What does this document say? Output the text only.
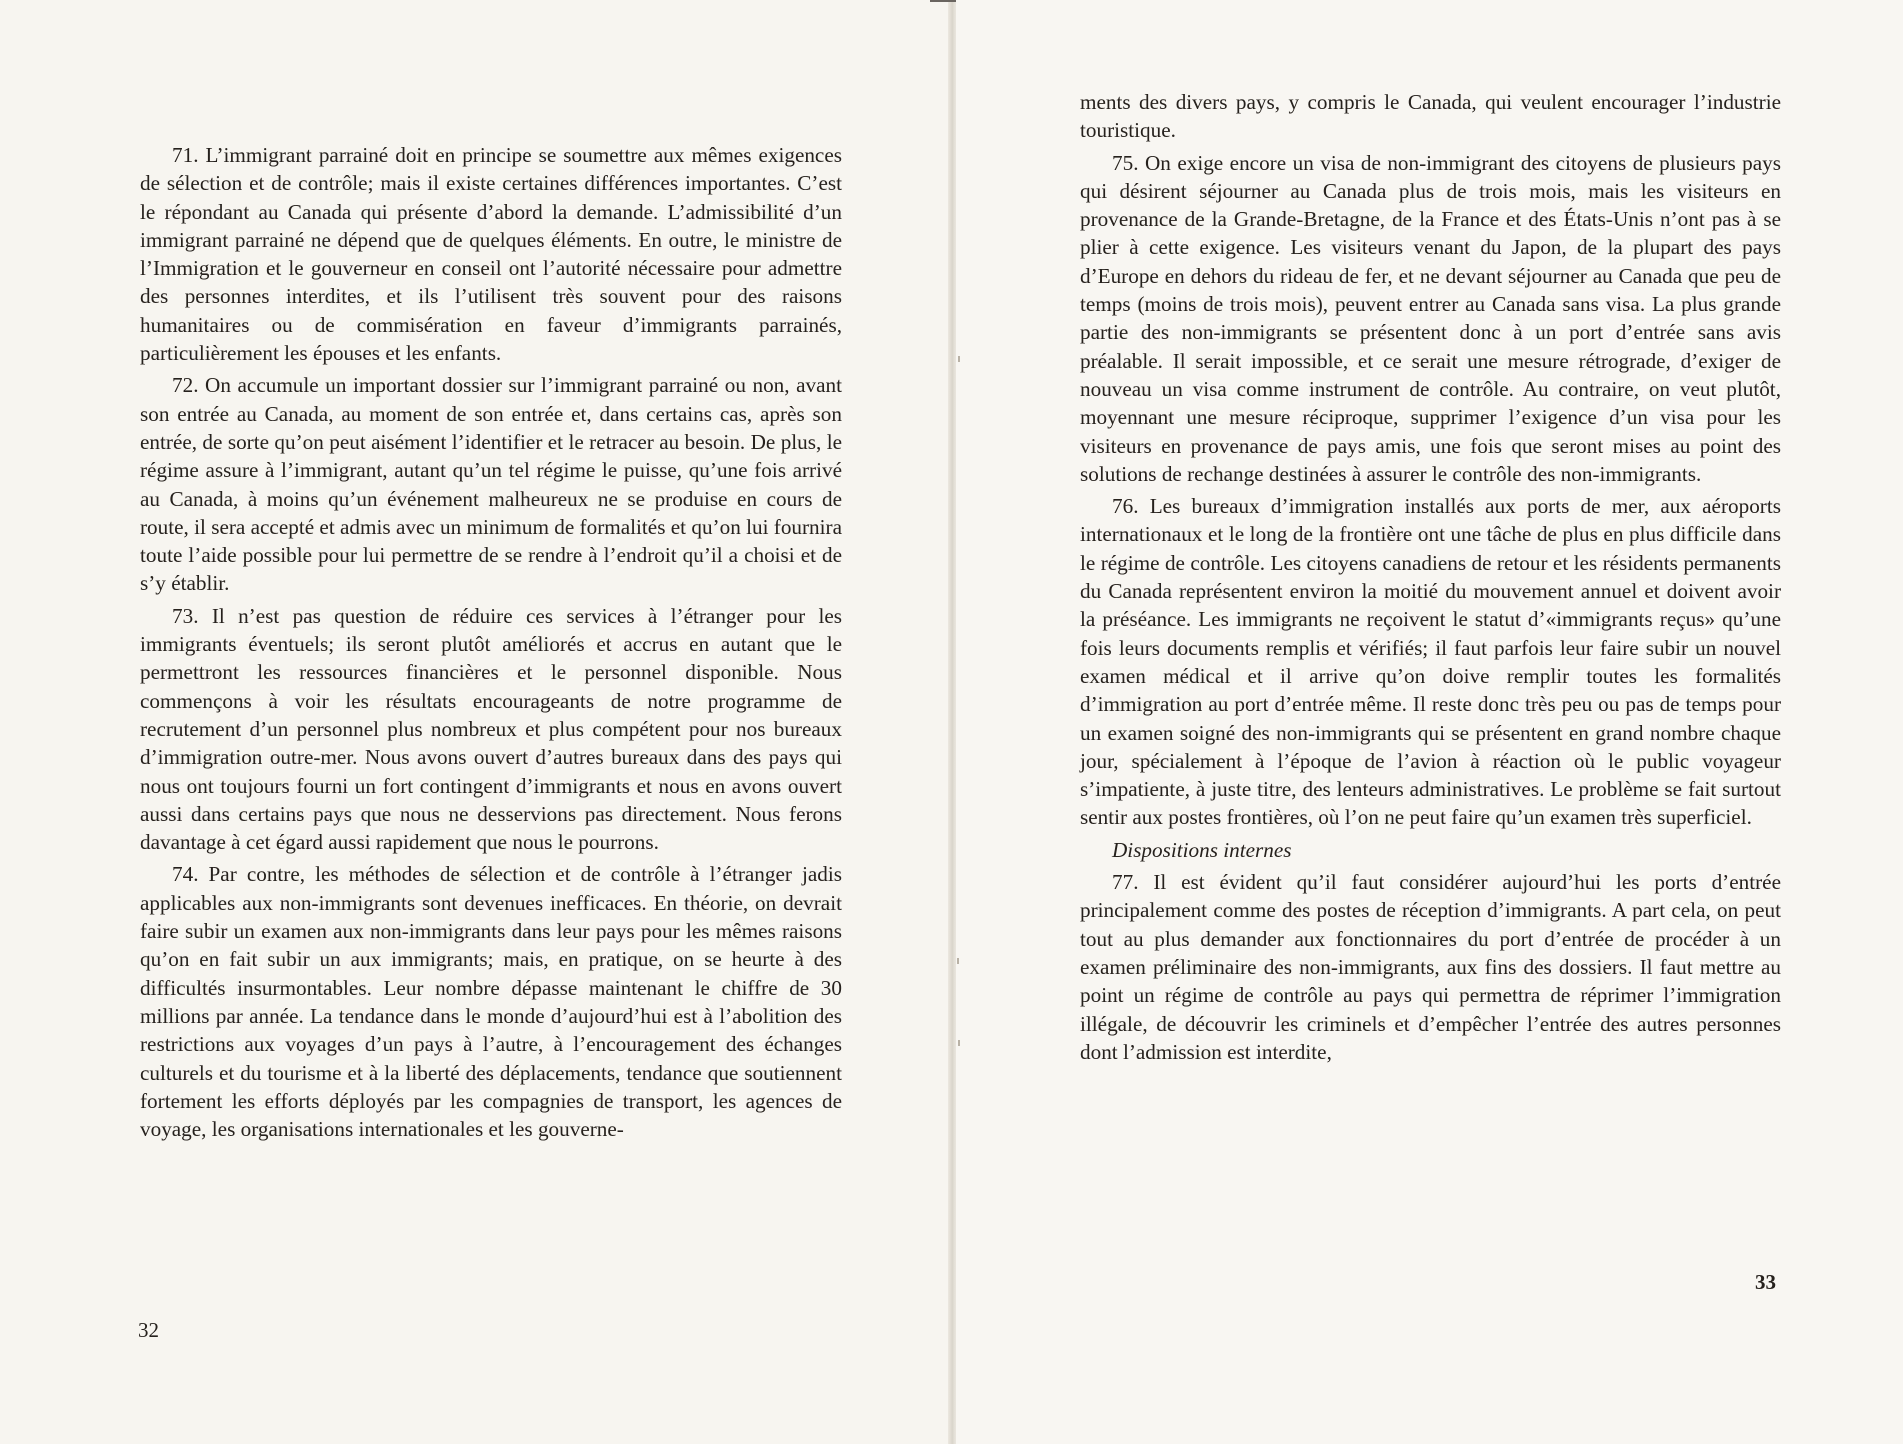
71. L’immigrant parrainé doit en principe se soumettre aux mêmes exigences de sélection et de contrôle; mais il existe certaines différences importantes. C’est le répondant au Canada qui présente d’abord la demande. L’admissibilité d’un immigrant parrainé ne dépend que de quelques éléments. En outre, le ministre de l’Immigration et le gouverneur en conseil ont l’autorité nécessaire pour admettre des personnes interdites, et ils l’utilisent très souvent pour des raisons humanitaires ou de commisération en faveur d’immigrants parrainés, particulièrement les épouses et les enfants.

72. On accumule un important dossier sur l’immigrant parrainé ou non, avant son entrée au Canada, au moment de son entrée et, dans certains cas, après son entrée, de sorte qu’on peut aisément l’identifier et le retracer au besoin. De plus, le régime assure à l’immigrant, autant qu’un tel régime le puisse, qu’une fois arrivé au Canada, à moins qu’un événement malheureux ne se produise en cours de route, il sera accepté et admis avec un minimum de formalités et qu’on lui fournira toute l’aide possible pour lui permettre de se rendre à l’endroit qu’il a choisi et de s’y établir.

73. Il n’est pas question de réduire ces services à l’étranger pour les immigrants éventuels; ils seront plutôt améliorés et accrus en autant que le permettront les ressources financières et le personnel disponible. Nous commençons à voir les résultats encourageants de notre programme de recrutement d’un personnel plus nombreux et plus compétent pour nos bureaux d’immigration outre-mer. Nous avons ouvert d’autres bureaux dans des pays qui nous ont toujours fourni un fort contingent d’immigrants et nous en avons ouvert aussi dans certains pays que nous ne desservions pas directement. Nous ferons davantage à cet égard aussi rapidement que nous le pourrons.

74. Par contre, les méthodes de sélection et de contrôle à l’étranger jadis applicables aux non-immigrants sont devenues inefficaces. En théorie, on devrait faire subir un examen aux non-immigrants dans leur pays pour les mêmes raisons qu’on en fait subir un aux immigrants; mais, en pratique, on se heurte à des difficultés insurmontables. Leur nombre dépasse maintenant le chiffre de 30 millions par année. La tendance dans le monde d’aujourd’hui est à l’abolition des restrictions aux voyages d’un pays à l’autre, à l’encouragement des échanges culturels et du tourisme et à la liberté des déplacements, tendance que soutiennent fortement les efforts déployés par les compagnies de transport, les agences de voyage, les organisations internationales et les gouverne-

32

ments des divers pays, y compris le Canada, qui veulent encourager l’industrie touristique.

75. On exige encore un visa de non-immigrant des citoyens de plusieurs pays qui désirent séjourner au Canada plus de trois mois, mais les visiteurs en provenance de la Grande-Bretagne, de la France et des États-Unis n’ont pas à se plier à cette exigence. Les visiteurs venant du Japon, de la plupart des pays d’Europe en dehors du rideau de fer, et ne devant séjourner au Canada que peu de temps (moins de trois mois), peuvent entrer au Canada sans visa. La plus grande partie des non-immigrants se présentent donc à un port d’entrée sans avis préalable. Il serait impossible, et ce serait une mesure rétrograde, d’exiger de nouveau un visa comme instrument de contrôle. Au contraire, on veut plutôt, moyennant une mesure réciproque, supprimer l’exigence d’un visa pour les visiteurs en provenance de pays amis, une fois que seront mises au point des solutions de rechange destinées à assurer le contrôle des non-immigrants.

76. Les bureaux d’immigration installés aux ports de mer, aux aéroports internationaux et le long de la frontière ont une tâche de plus en plus difficile dans le régime de contrôle. Les citoyens canadiens de retour et les résidents permanents du Canada représentent environ la moitié du mouvement annuel et doivent avoir la préséance. Les immigrants ne reçoivent le statut d’«immigrants reçus» qu’une fois leurs documents remplis et vérifiés; il faut parfois leur faire subir un nouvel examen médical et il arrive qu’on doive remplir toutes les formalités d’immigration au port d’entrée même. Il reste donc très peu ou pas de temps pour un examen soigné des non-immigrants qui se présentent en grand nombre chaque jour, spécialement à l’époque de l’avion à réaction où le public voyageur s’impatiente, à juste titre, des lenteurs administratives. Le problème se fait surtout sentir aux postes frontières, où l’on ne peut faire qu’un examen très superficiel.

Dispositions internes

77. Il est évident qu’il faut considérer aujourd’hui les ports d’entrée principalement comme des postes de réception d’immigrants. A part cela, on peut tout au plus demander aux fonctionnaires du port d’entrée de procéder à un examen préliminaire des non-immigrants, aux fins des dossiers. Il faut mettre au point un régime de contrôle au pays qui permettra de réprimer l’immigration illégale, de découvrir les criminels et d’empêcher l’entrée des autres personnes dont l’admission est interdite,

33
